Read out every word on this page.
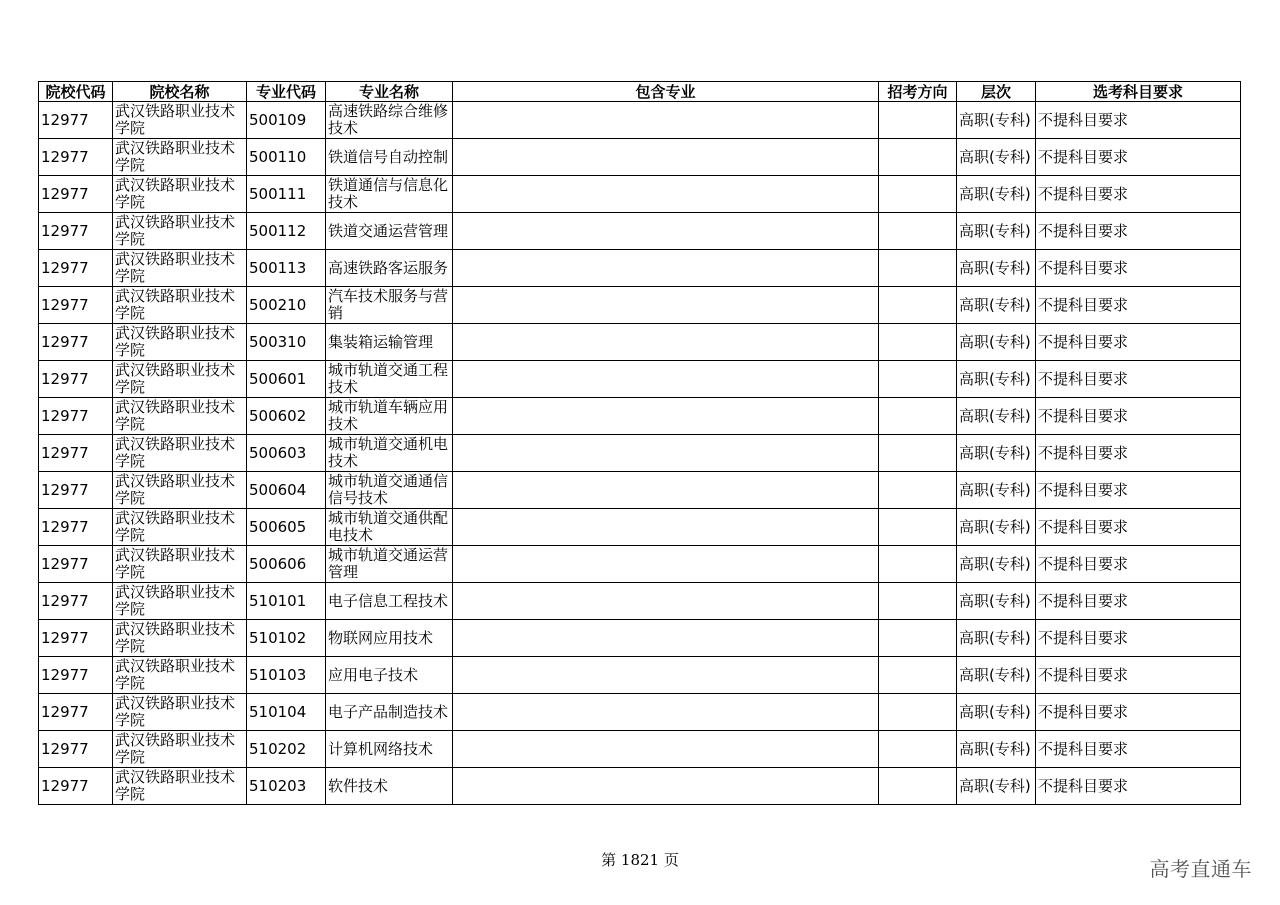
院校代码	院校名称	专业代码	专业名称	包含专业	招考方向	层次	选考科目要求
12977	武汉铁路职业技术学院	500109	高速铁路综合维修技术			高职(专科)	不提科目要求
12977	武汉铁路职业技术学院	500110	铁道信号自动控制			高职(专科)	不提科目要求
12977	武汉铁路职业技术学院	500111	铁道通信与信息化技术			高职(专科)	不提科目要求
12977	武汉铁路职业技术学院	500112	铁道交通运营管理			高职(专科)	不提科目要求
12977	武汉铁路职业技术学院	500113	高速铁路客运服务			高职(专科)	不提科目要求
12977	武汉铁路职业技术学院	500210	汽车技术服务与营销			高职(专科)	不提科目要求
12977	武汉铁路职业技术学院	500310	集装箱运输管理			高职(专科)	不提科目要求
12977	武汉铁路职业技术学院	500601	城市轨道交通工程技术			高职(专科)	不提科目要求
12977	武汉铁路职业技术学院	500602	城市轨道车辆应用技术			高职(专科)	不提科目要求
12977	武汉铁路职业技术学院	500603	城市轨道交通机电技术			高职(专科)	不提科目要求
12977	武汉铁路职业技术学院	500604	城市轨道交通通信信号技术			高职(专科)	不提科目要求
12977	武汉铁路职业技术学院	500605	城市轨道交通供配电技术			高职(专科)	不提科目要求
12977	武汉铁路职业技术学院	500606	城市轨道交通运营管理			高职(专科)	不提科目要求
12977	武汉铁路职业技术学院	510101	电子信息工程技术			高职(专科)	不提科目要求
12977	武汉铁路职业技术学院	510102	物联网应用技术			高职(专科)	不提科目要求
12977	武汉铁路职业技术学院	510103	应用电子技术			高职(专科)	不提科目要求
12977	武汉铁路职业技术学院	510104	电子产品制造技术			高职(专科)	不提科目要求
12977	武汉铁路职业技术学院	510202	计算机网络技术			高职(专科)	不提科目要求
12977	武汉铁路职业技术学院	510203	软件技术			高职(专科)	不提科目要求
第 1821 页	高考直通车
